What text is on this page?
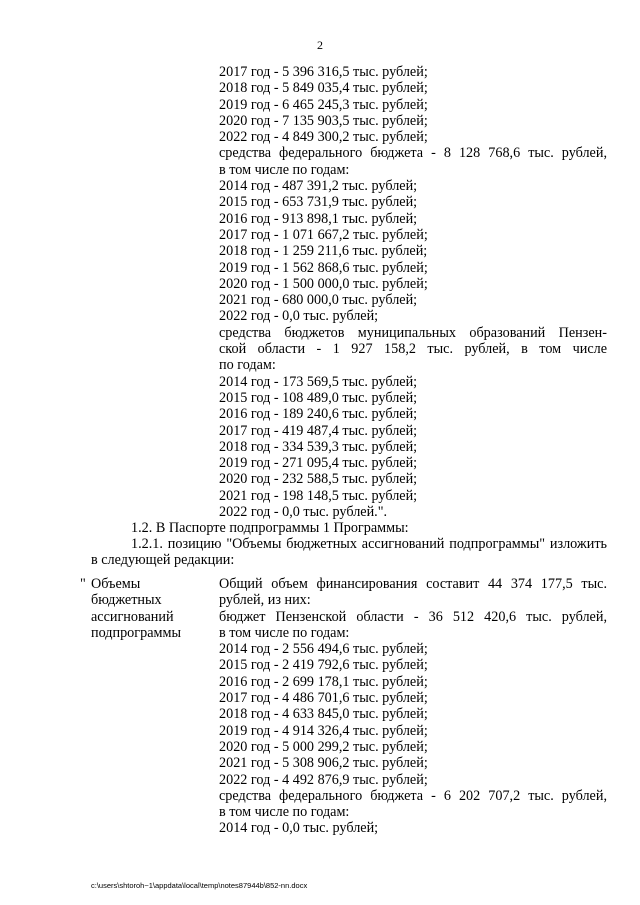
2
2017 год - 5 396 316,5 тыс. рублей;
2018 год - 5 849 035,4 тыс. рублей;
2019 год - 6 465 245,3 тыс. рублей;
2020 год - 7 135 903,5 тыс. рублей;
2022 год - 4 849 300,2 тыс. рублей;
средства федерального бюджета - 8 128 768,6 тыс. рублей,
в том числе по годам:
2014 год - 487 391,2 тыс. рублей;
2015 год - 653 731,9 тыс. рублей;
2016 год - 913 898,1 тыс. рублей;
2017 год - 1 071 667,2 тыс. рублей;
2018 год - 1 259 211,6 тыс. рублей;
2019 год - 1 562 868,6 тыс. рублей;
2020 год - 1 500 000,0 тыс. рублей;
2021 год - 680 000,0 тыс. рублей;
2022 год - 0,0 тыс. рублей;
средства бюджетов муниципальных образований Пензен-
ской области - 1 927 158,2 тыс. рублей, в том числе
по годам:
2014 год - 173 569,5 тыс. рублей;
2015 год - 108 489,0 тыс. рублей;
2016 год - 189 240,6 тыс. рублей;
2017 год - 419 487,4 тыс. рублей;
2018 год - 334 539,3 тыс. рублей;
2019 год - 271 095,4 тыс. рублей;
2020 год - 232 588,5 тыс. рублей;
2021 год - 198 148,5 тыс. рублей;
2022 год - 0,0 тыс. рублей.".
1.2. В Паспорте подпрограммы 1 Программы:
1.2.1. позицию "Объемы бюджетных ассигнований подпрограммы" изложить
в следующей редакции:
" Объемы
бюджетных
ассигнований
подпрограммы
Общий объем финансирования составит 44 374 177,5 тыс.
рублей, из них:
бюджет Пензенской области - 36 512 420,6 тыс. рублей,
в том числе по годам:
2014 год - 2 556 494,6 тыс. рублей;
2015 год - 2 419 792,6 тыс. рублей;
2016 год - 2 699 178,1 тыс. рублей;
2017 год - 4 486 701,6 тыс. рублей;
2018 год - 4 633 845,0 тыс. рублей;
2019 год - 4 914 326,4 тыс. рублей;
2020 год - 5 000 299,2 тыс. рублей;
2021 год - 5 308 906,2 тыс. рублей;
2022 год - 4 492 876,9 тыс. рублей;
средства федерального бюджета - 6 202 707,2 тыс. рублей,
в том числе по годам:
2014 год - 0,0 тыс. рублей;
c:\users\shtoroh~1\appdata\local\temp\notes87944b\852-nn.docx
